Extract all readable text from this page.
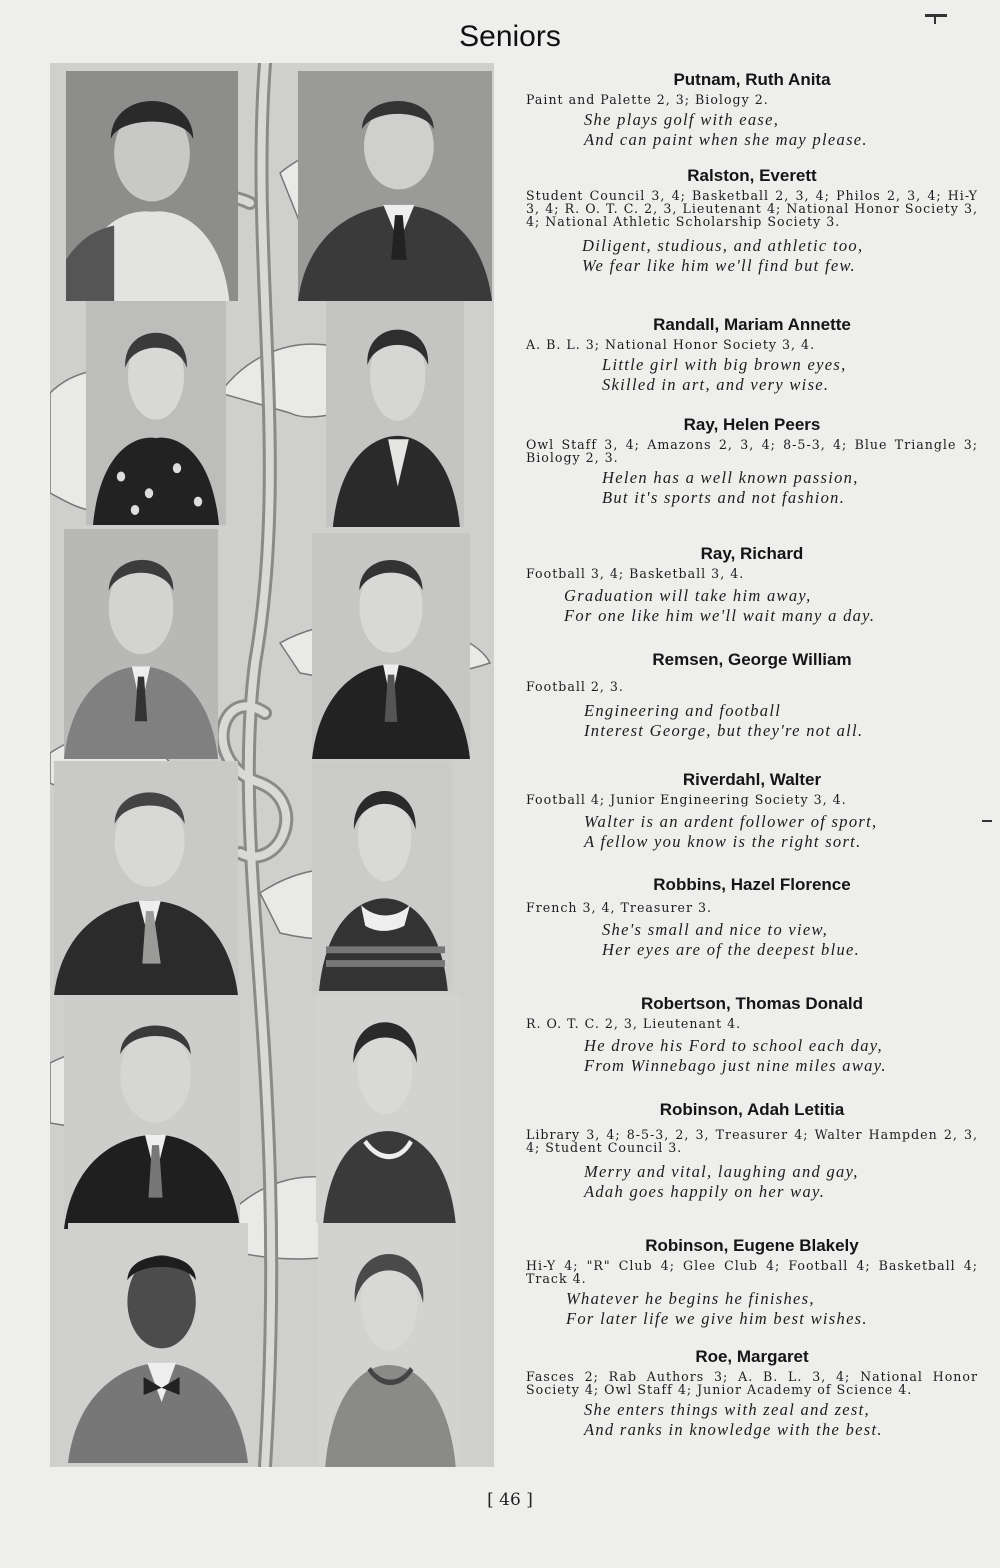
Seniors
Putnam, Ruth Anita
Paint and Palette 2, 3; Biology 2.
She plays golf with ease,
And can paint when she may please.
Ralston, Everett
Student Council 3, 4; Basketball 2, 3, 4; Philos 2, 3, 4; Hi-Y 3, 4; R. O. T. C. 2, 3, Lieutenant 4; National Honor Society 3, 4; National Athletic Scholarship Society 3.
Diligent, studious, and athletic too,
We fear like him we'll find but few.
Randall, Mariam Annette
A. B. L. 3; National Honor Society 3, 4.
Little girl with big brown eyes,
Skilled in art, and very wise.
Ray, Helen Peers
Owl Staff 3, 4; Amazons 2, 3, 4; 8-5-3, 4; Blue Triangle 3; Biology 2, 3.
Helen has a well known passion,
But it's sports and not fashion.
Ray, Richard
Football 3, 4; Basketball 3, 4.
Graduation will take him away,
For one like him we'll wait many a day.
Remsen, George William
Football 2, 3.
Engineering and football
Interest George, but they're not all.
Riverdahl, Walter
Football 4; Junior Engineering Society 3, 4.
Walter is an ardent follower of sport,
A fellow you know is the right sort.
Robbins, Hazel Florence
French 3, 4, Treasurer 3.
She's small and nice to view,
Her eyes are of the deepest blue.
Robertson, Thomas Donald
R. O. T. C. 2, 3, Lieutenant 4.
He drove his Ford to school each day,
From Winnebago just nine miles away.
Robinson, Adah Letitia
Library 3, 4; 8-5-3, 2, 3, Treasurer 4; Walter Hampden 2, 3, 4; Student Council 3.
Merry and vital, laughing and gay,
Adah goes happily on her way.
Robinson, Eugene Blakely
Hi-Y 4; "R" Club 4; Glee Club 4; Football 4; Basketball 4; Track 4.
Whatever he begins he finishes,
For later life we give him best wishes.
Roe, Margaret
Fasces 2; Rab Authors 3; A. B. L. 3, 4; National Honor Society 4; Owl Staff 4; Junior Academy of Science 4.
She enters things with zeal and zest,
And ranks in knowledge with the best.
[ 46 ]
